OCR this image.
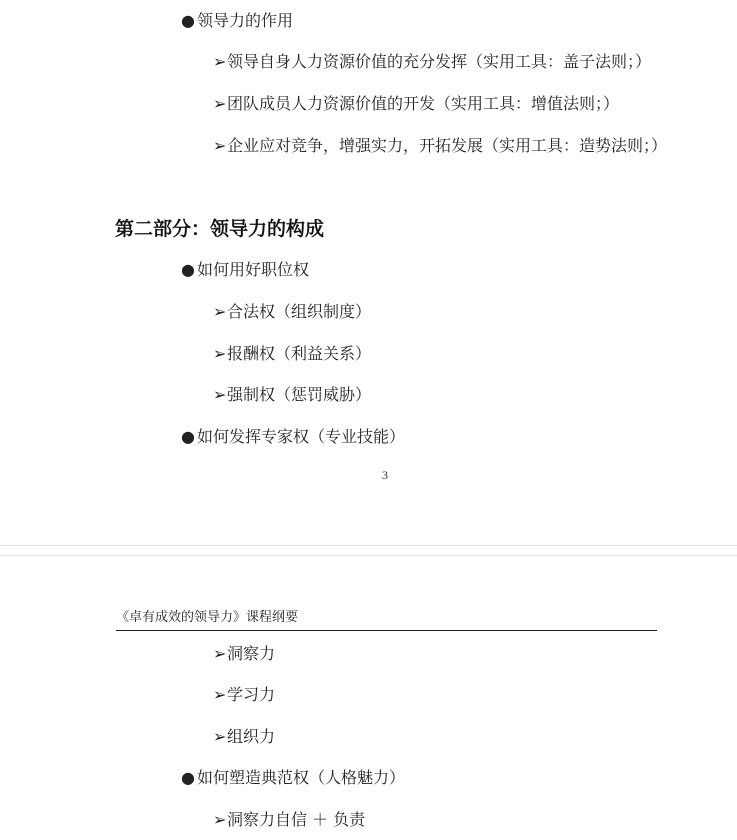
● 领导力的作用
➢领导自身人力资源价值的充分发挥（实用工具：盖子法则；）
➢团队成员人力资源价值的开发（实用工具：增值法则；）
➢企业应对竞争，增强实力，开拓发展（实用工具：造势法则；）
第二部分：领导力的构成
● 如何用好职位权
➢合法权（组织制度）
➢报酬权（利益关系）
➢强制权（惩罚威胁）
● 如何发挥专家权（专业技能）
3
《卓有成效的领导力》课程纲要
➢洞察力
➢学习力
➢组织力
● 如何塑造典范权（人格魅力）
➢洞察力自信 ＋ 负责
